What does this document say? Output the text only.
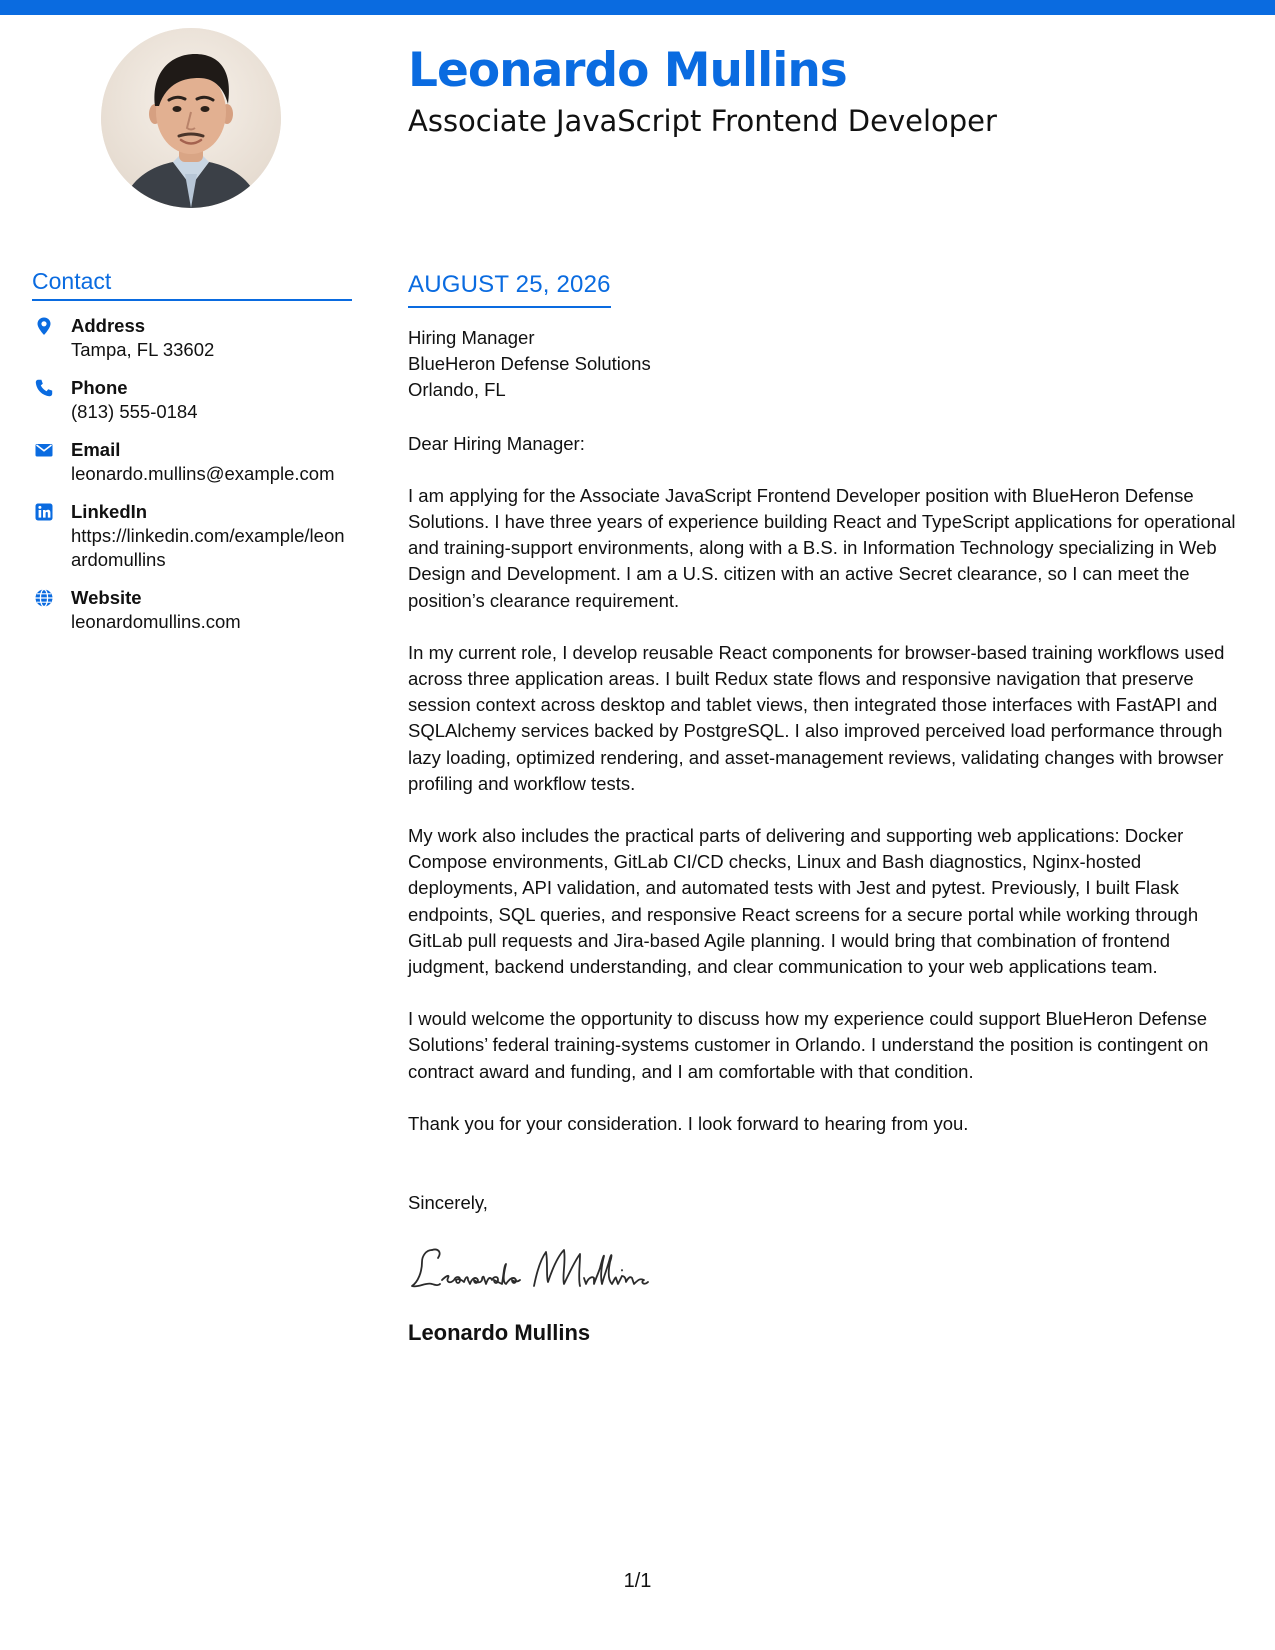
Leonardo Mullins
Associate JavaScript Frontend Developer
Contact
Address
Tampa, FL 33602
Phone
(813) 555-0184
Email
leonardo.mullins@example.com
LinkedIn
https://linkedin.com/example/leonardomullins
Website
leonardomullins.com
AUGUST 25, 2026
Hiring Manager
BlueHeron Defense Solutions
Orlando, FL
Dear Hiring Manager:

I am applying for the Associate JavaScript Frontend Developer position with BlueHeron Defense Solutions. I have three years of experience building React and TypeScript applications for operational and training-support environments, along with a B.S. in Information Technology specializing in Web Design and Development. I am a U.S. citizen with an active Secret clearance, so I can meet the position’s clearance requirement.

In my current role, I develop reusable React components for browser-based training workflows used across three application areas. I built Redux state flows and responsive navigation that preserve session context across desktop and tablet views, then integrated those interfaces with FastAPI and SQLAlchemy services backed by PostgreSQL. I also improved perceived load performance through lazy loading, optimized rendering, and asset-management reviews, validating changes with browser profiling and workflow tests.

My work also includes the practical parts of delivering and supporting web applications: Docker Compose environments, GitLab CI/CD checks, Linux and Bash diagnostics, Nginx-hosted deployments, API validation, and automated tests with Jest and pytest. Previously, I built Flask endpoints, SQL queries, and responsive React screens for a secure portal while working through GitLab pull requests and Jira-based Agile planning. I would bring that combination of frontend judgment, backend understanding, and clear communication to your web applications team.

I would welcome the opportunity to discuss how my experience could support BlueHeron Defense Solutions’ federal training-systems customer in Orlando. I understand the position is contingent on contract award and funding, and I am comfortable with that condition.

Thank you for your consideration. I look forward to hearing from you.

Sincerely,
Leonardo Mullins
1/1
